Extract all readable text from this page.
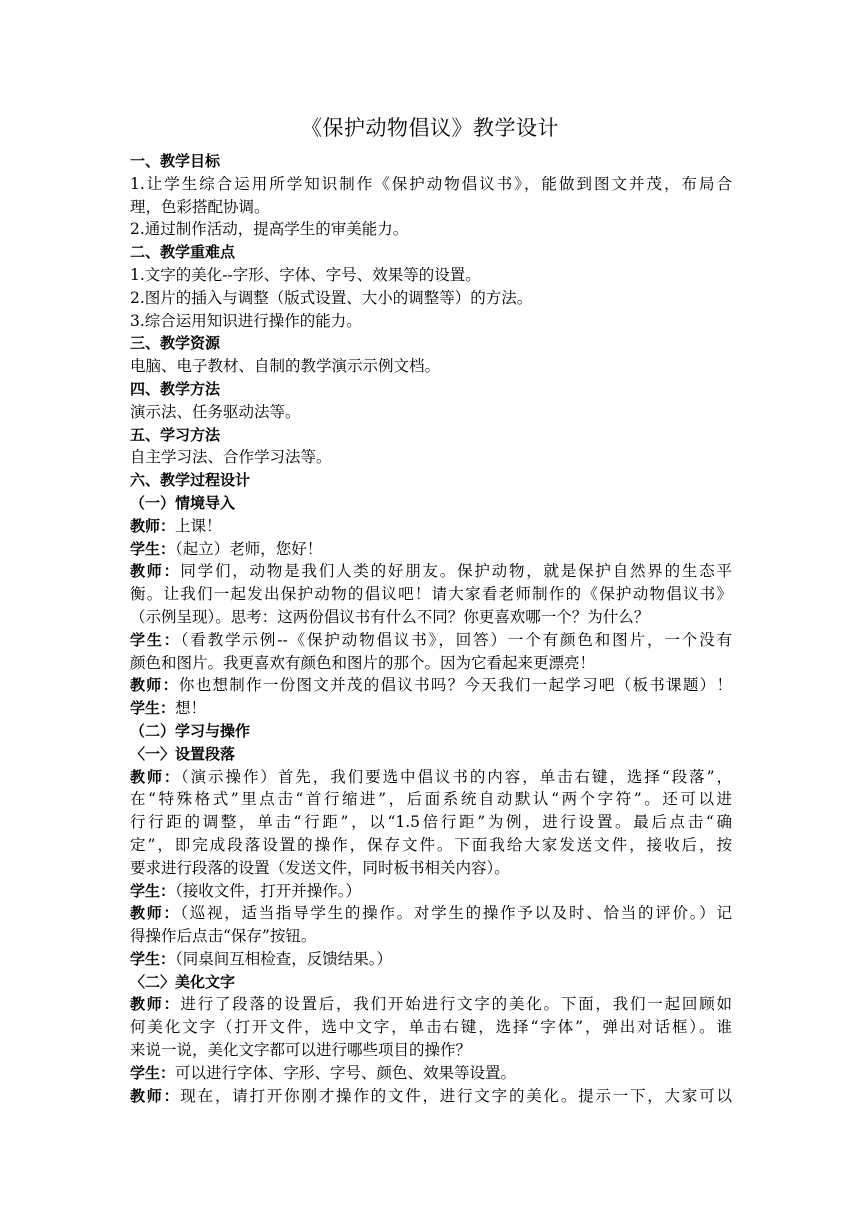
《保护动物倡议》教学设计
一、教学目标
1.让学生综合运用所学知识制作《保护动物倡议书》，能做到图文并茂，布局合
理，色彩搭配协调。
2.通过制作活动，提高学生的审美能力。
二、教学重难点
1.文字的美化--字形、字体、字号、效果等的设置。
2.图片的插入与调整（版式设置、大小的调整等）的方法。
3.综合运用知识进行操作的能力。
三、教学资源
电脑、电子教材、自制的教学演示示例文档。
四、教学方法
演示法、任务驱动法等。
五、学习方法
自主学习法、合作学习法等。
六、教学过程设计
（一）情境导入
教师：上课！
学生：（起立）老师，您好！
教师：同学们，动物是我们人类的好朋友。保护动物，就是保护自然界的生态平
衡。让我们一起发出保护动物的倡议吧！请大家看老师制作的《保护动物倡议书》
（示例呈现）。思考：这两份倡议书有什么不同？你更喜欢哪一个？为什么？
学生：（看教学示例--《保护动物倡议书》，回答）一个有颜色和图片，一个没有
颜色和图片。我更喜欢有颜色和图片的那个。因为它看起来更漂亮！
教师：你也想制作一份图文并茂的倡议书吗？今天我们一起学习吧（板书课题）！
学生：想！
（二）学习与操作
〈一〉设置段落
教师：（演示操作）首先，我们要选中倡议书的内容，单击右键，选择“段落”，
在“特殊格式”里点击“首行缩进”，后面系统自动默认“两个字符”。还可以进
行行距的调整，单击“行距”，以“1.5倍行距”为例，进行设置。最后点击“确
定”，即完成段落设置的操作，保存文件。下面我给大家发送文件，接收后，按
要求进行段落的设置（发送文件，同时板书相关内容）。
学生：（接收文件，打开并操作。）
教师：（巡视，适当指导学生的操作。对学生的操作予以及时、恰当的评价。）记
得操作后点击“保存”按钮。
学生：（同桌间互相检查，反馈结果。）
〈二〉美化文字
教师：进行了段落的设置后，我们开始进行文字的美化。下面，我们一起回顾如
何美化文字（打开文件，选中文字，单击右键，选择“字体”，弹出对话框）。谁
来说一说，美化文字都可以进行哪些项目的操作？
学生：可以进行字体、字形、字号、颜色、效果等设置。
教师：现在，请打开你刚才操作的文件，进行文字的美化。提示一下，大家可以
